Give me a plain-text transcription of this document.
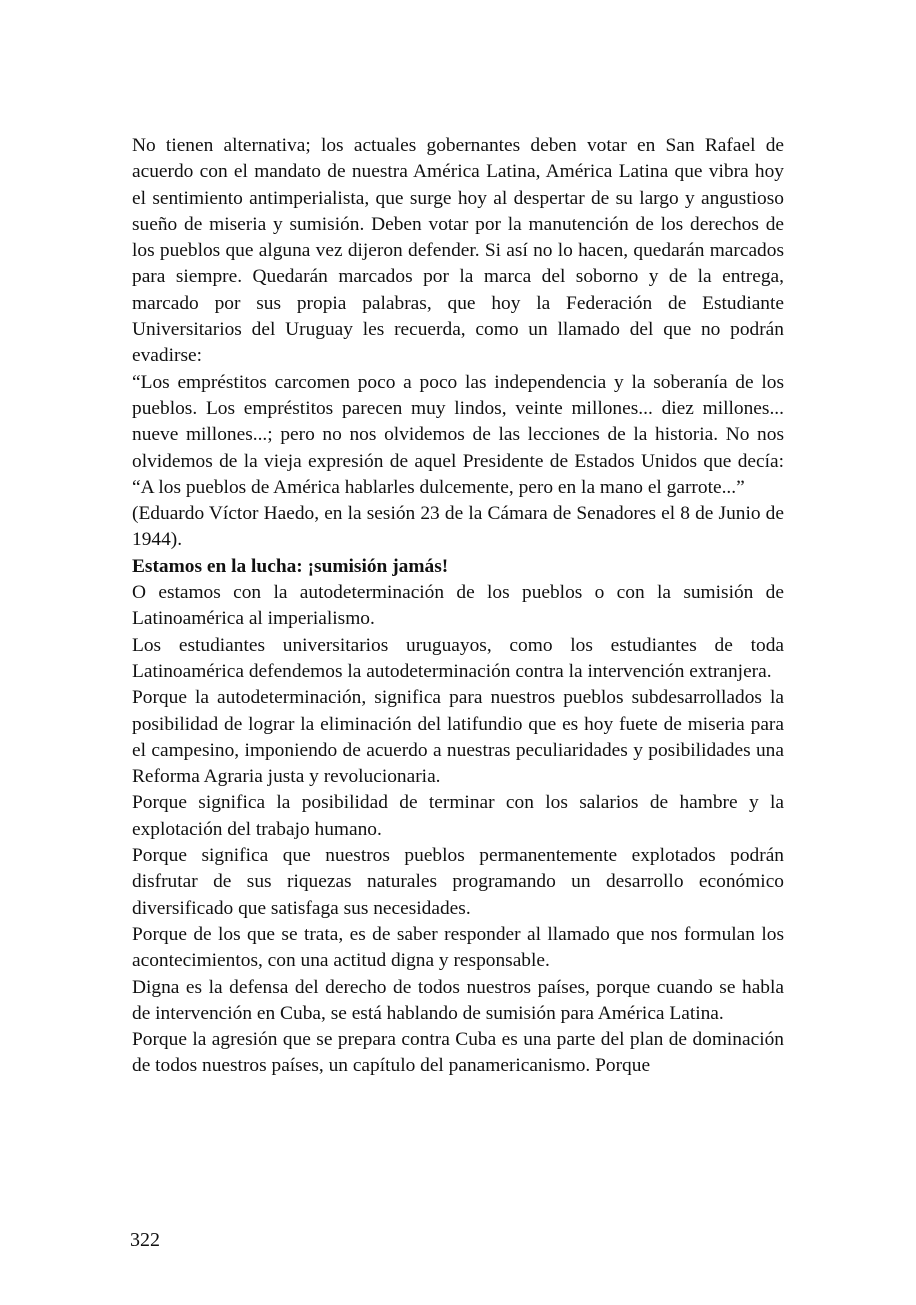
No tienen alternativa; los actuales gobernantes deben votar en San Rafael de acuerdo con el mandato de nuestra América Latina, América Latina que vibra hoy el sentimiento antimperialista, que surge hoy al despertar de su largo y angustioso sueño de miseria y sumisión. Deben votar por la manutención de los derechos de los pueblos que alguna vez dijeron defender. Si así no lo hacen, quedarán marcados para siempre. Quedarán marcados por la marca del soborno y de la entrega, marcado por sus propia palabras, que hoy la Federación de Estudiante Universitarios del Uruguay les recuerda, como un llamado del que no podrán evadirse:

“Los empréstitos carcomen poco a poco las independencia y la soberanía de los pueblos. Los empréstitos parecen muy lindos, veinte millones... diez millones... nueve millones...; pero no nos olvidemos de las lecciones de la historia. No nos olvidemos de la vieja expresión de aquel Presidente de Estados Unidos que decía: “A los pueblos de América hablarles dulcemente, pero en la mano el garrote...”

(Eduardo Víctor Haedo, en la sesión 23 de la Cámara de Senadores el 8 de Junio de 1944).

Estamos en la lucha: ¡sumisión jamás!

O estamos con la autodeterminación de los pueblos o con la sumisión de Latinoamérica al imperialismo.

Los estudiantes universitarios uruguayos, como los estudiantes de toda Latinoamérica defendemos la autodeterminación contra la intervención extranjera.

Porque la autodeterminación, significa para nuestros pueblos subdesarrollados la posibilidad de lograr la eliminación del latifundio que es hoy fuete de miseria para el campesino, imponiendo de acuerdo a nuestras peculiaridades y posibilidades una Reforma Agraria justa y revolucionaria.

Porque significa la posibilidad de terminar con los salarios de hambre y la explotación del trabajo humano.

Porque significa que nuestros pueblos permanentemente explotados podrán disfrutar de sus riquezas naturales programando un desarrollo económico diversificado que satisfaga sus necesidades.

Porque de los que se trata, es de saber responder al llamado que nos formulan los acontecimientos, con una actitud digna y responsable.

Digna es la defensa del derecho de todos nuestros países, porque cuando se habla de intervención en Cuba, se está hablando de sumisión para América Latina.

Porque la agresión que se prepara contra Cuba es una parte del plan de dominación de todos nuestros países, un capítulo del panamericanismo. Porque

322
